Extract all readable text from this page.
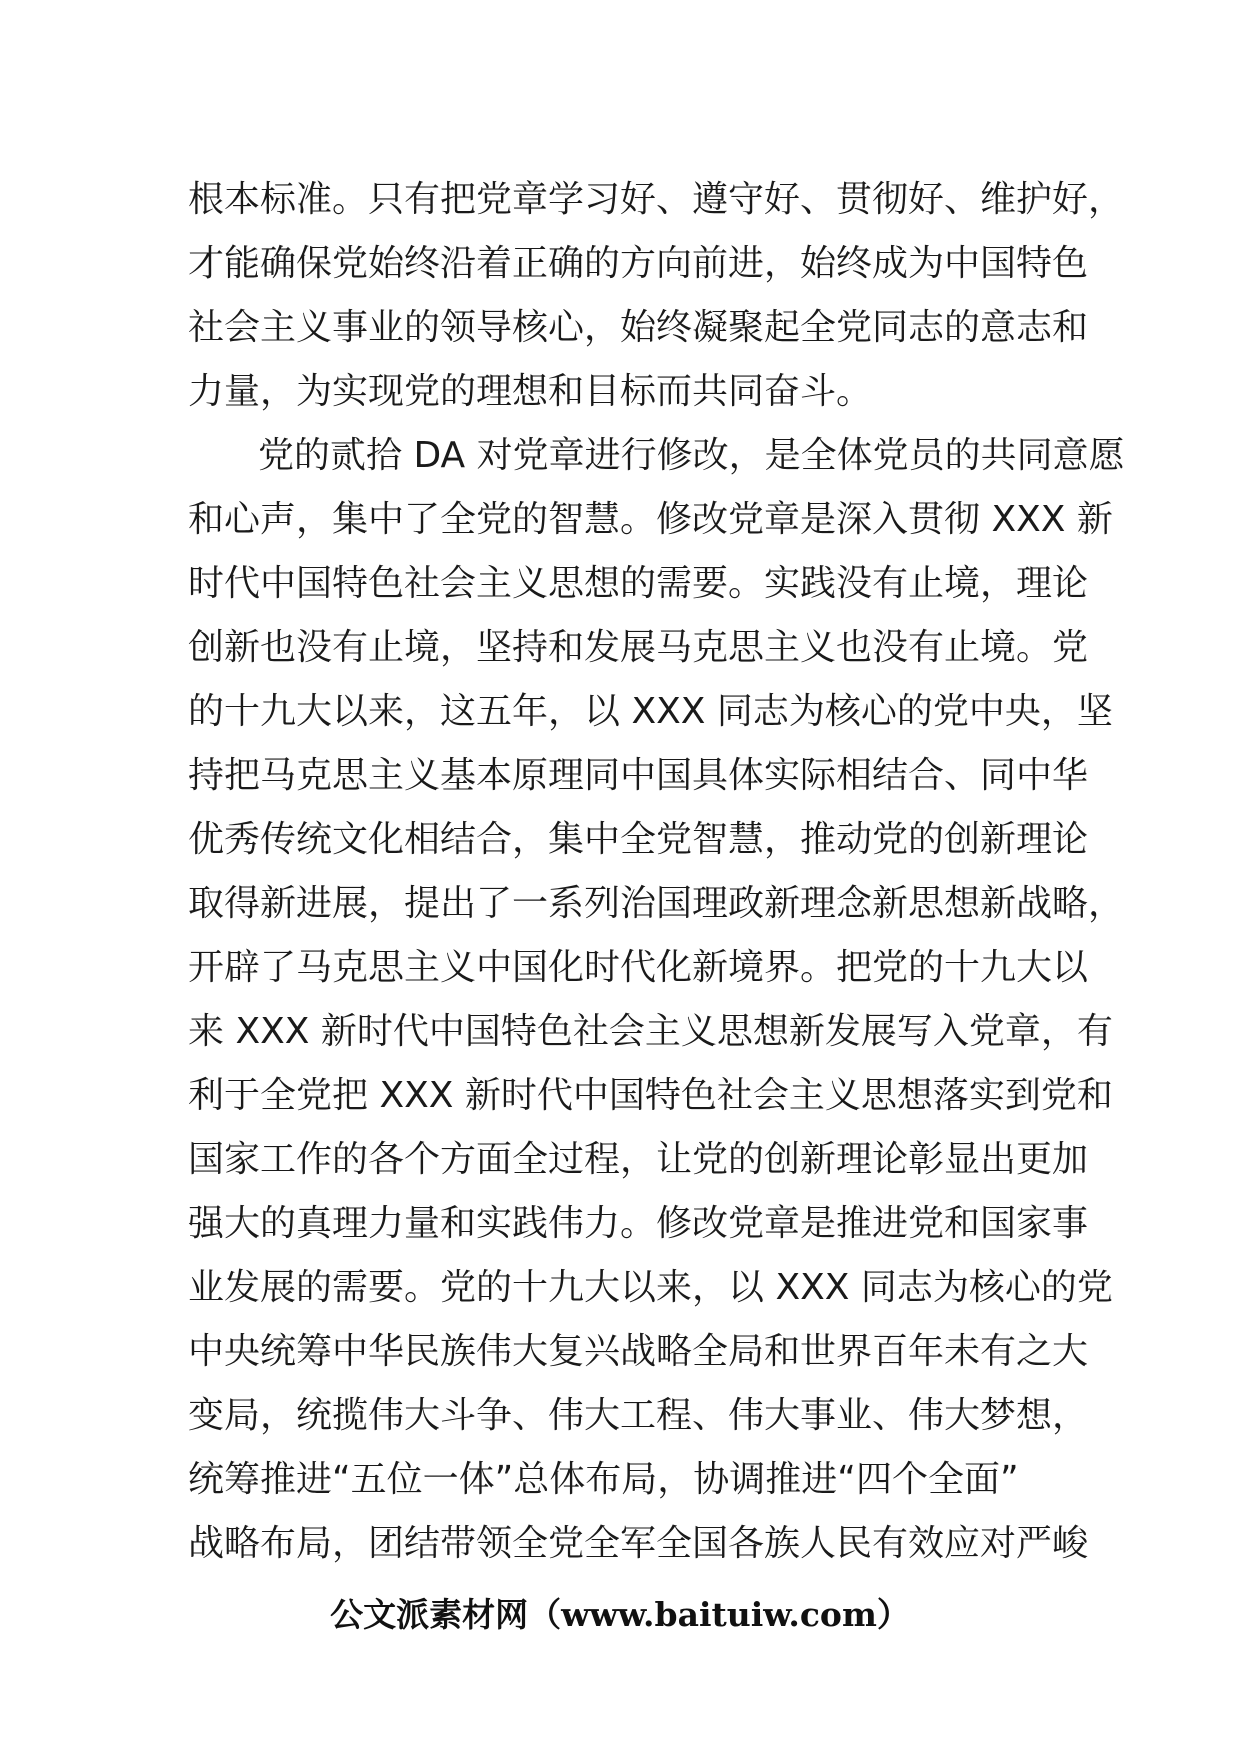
根本标准。只有把党章学习好、遵守好、贯彻好、维护好，
才能确保党始终沿着正确的方向前进，始终成为中国特色
社会主义事业的领导核心，始终凝聚起全党同志的意志和
力量，为实现党的理想和目标而共同奋斗。
党的贰拾 DA 对党章进行修改，是全体党员的共同意愿
和心声，集中了全党的智慧。修改党章是深入贯彻 XXX 新
时代中国特色社会主义思想的需要。实践没有止境，理论
创新也没有止境，坚持和发展马克思主义也没有止境。党
的十九大以来，这五年，以 XXX 同志为核心的党中央，坚
持把马克思主义基本原理同中国具体实际相结合、同中华
优秀传统文化相结合，集中全党智慧，推动党的创新理论
取得新进展，提出了一系列治国理政新理念新思想新战略，
开辟了马克思主义中国化时代化新境界。把党的十九大以
来 XXX 新时代中国特色社会主义思想新发展写入党章，有
利于全党把 XXX 新时代中国特色社会主义思想落实到党和
国家工作的各个方面全过程，让党的创新理论彰显出更加
强大的真理力量和实践伟力。修改党章是推进党和国家事
业发展的需要。党的十九大以来，以 XXX 同志为核心的党
中央统筹中华民族伟大复兴战略全局和世界百年未有之大
变局，统揽伟大斗争、伟大工程、伟大事业、伟大梦想，
统筹推进“五位一体”总体布局，协调推进“四个全面”
战略布局，团结带领全党全军全国各族人民有效应对严峻
公文派素材网（www.baituiw.com）
